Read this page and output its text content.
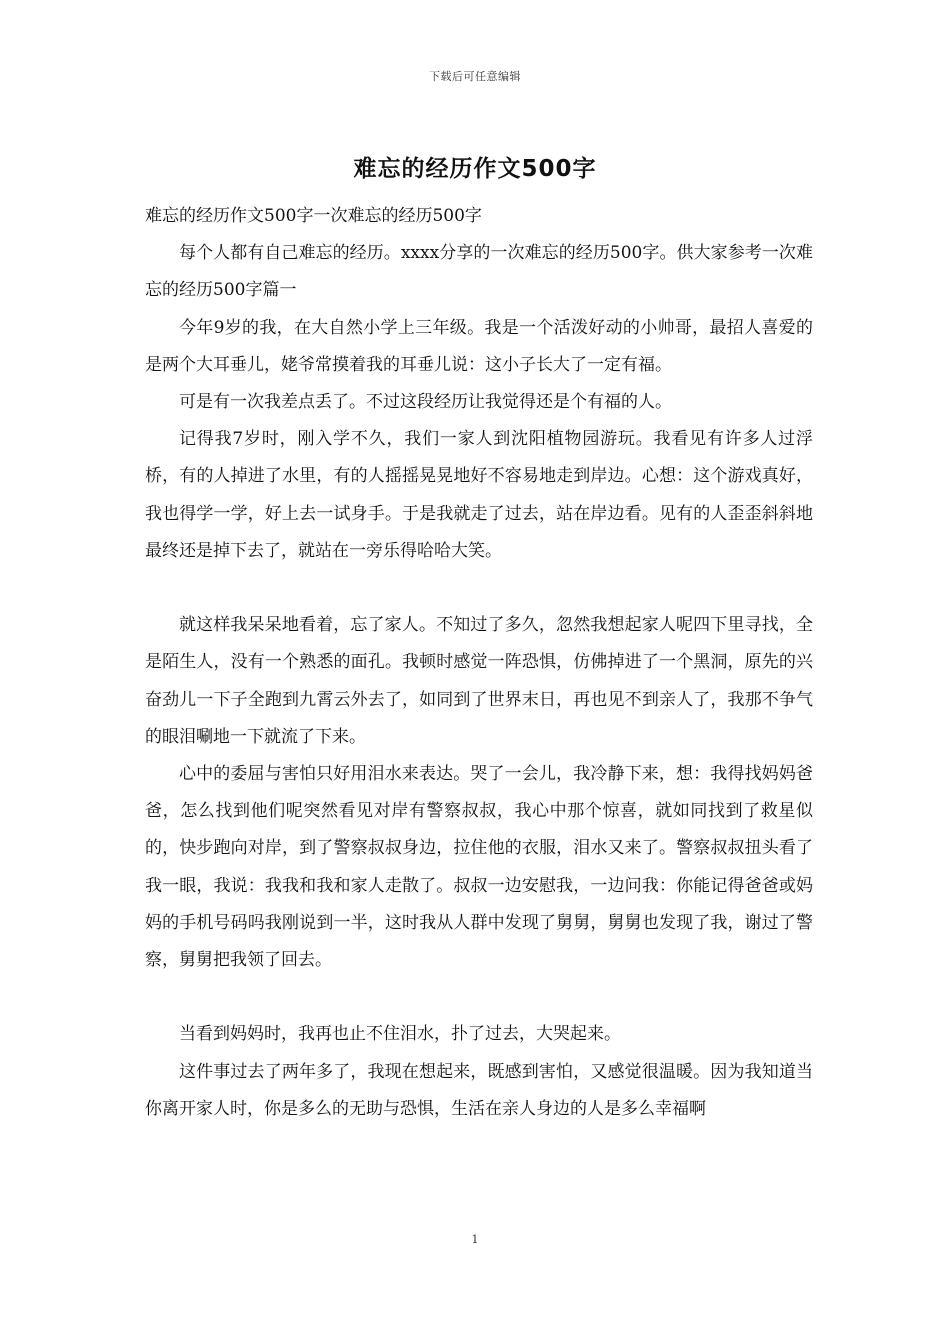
下载后可任意编辑
难忘的经历作文500字

难忘的经历作文500字一次难忘的经历500字

每个人都有自己难忘的经历。xxxx分享的一次难忘的经历500字。供大家参考一次难忘的经历500字篇一

今年9岁的我，在大自然小学上三年级。我是一个活泼好动的小帅哥，最招人喜爱的是两个大耳垂儿，姥爷常摸着我的耳垂儿说：这小子长大了一定有福。

可是有一次我差点丢了。不过这段经历让我觉得还是个有福的人。

记得我7岁时，刚入学不久，我们一家人到沈阳植物园游玩。我看见有许多人过浮桥，有的人掉进了水里，有的人摇摇晃晃地好不容易地走到岸边。心想：这个游戏真好，我也得学一学，好上去一试身手。于是我就走了过去，站在岸边看。见有的人歪歪斜斜地最终还是掉下去了，就站在一旁乐得哈哈大笑。

就这样我呆呆地看着，忘了家人。不知过了多久，忽然我想起家人呢四下里寻找，全是陌生人，没有一个熟悉的面孔。我顿时感觉一阵恐惧，仿佛掉进了一个黑洞，原先的兴奋劲儿一下子全跑到九霄云外去了，如同到了世界末日，再也见不到亲人了，我那不争气的眼泪唰地一下就流了下来。

心中的委屈与害怕只好用泪水来表达。哭了一会儿，我冷静下来，想：我得找妈妈爸爸，怎么找到他们呢突然看见对岸有警察叔叔，我心中那个惊喜，就如同找到了救星似的，快步跑向对岸，到了警察叔叔身边，拉住他的衣服，泪水又来了。警察叔叔扭头看了我一眼，我说：我我和我和家人走散了。叔叔一边安慰我，一边问我：你能记得爸爸或妈妈的手机号码吗我刚说到一半，这时我从人群中发现了舅舅，舅舅也发现了我，谢过了警察，舅舅把我领了回去。

当看到妈妈时，我再也止不住泪水，扑了过去，大哭起来。

这件事过去了两年多了，我现在想起来，既感到害怕，又感觉很温暖。因为我知道当你离开家人时，你是多么的无助与恐惧，生活在亲人身边的人是多么幸福啊

1
